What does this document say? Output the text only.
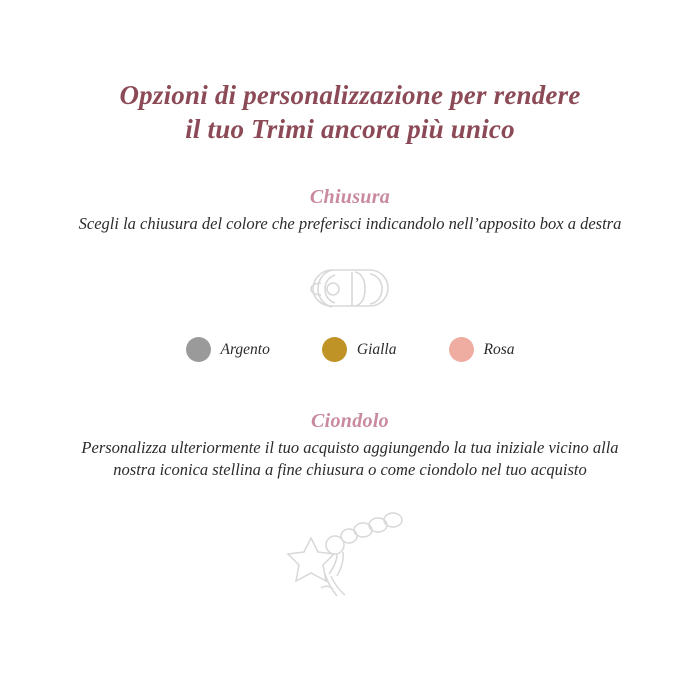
Opzioni di personalizzazione per rendere
il tuo Trimi ancora più unico
Chiusura
Scegli la chiusura del colore che preferisci indicandolo nell’apposito box a destra
Argento	Gialla	Rosa
Ciondolo
Personalizza ulteriormente il tuo acquisto aggiungendo la tua iniziale vicino alla
nostra iconica stellina a fine chiusura o come ciondolo nel tuo acquisto
